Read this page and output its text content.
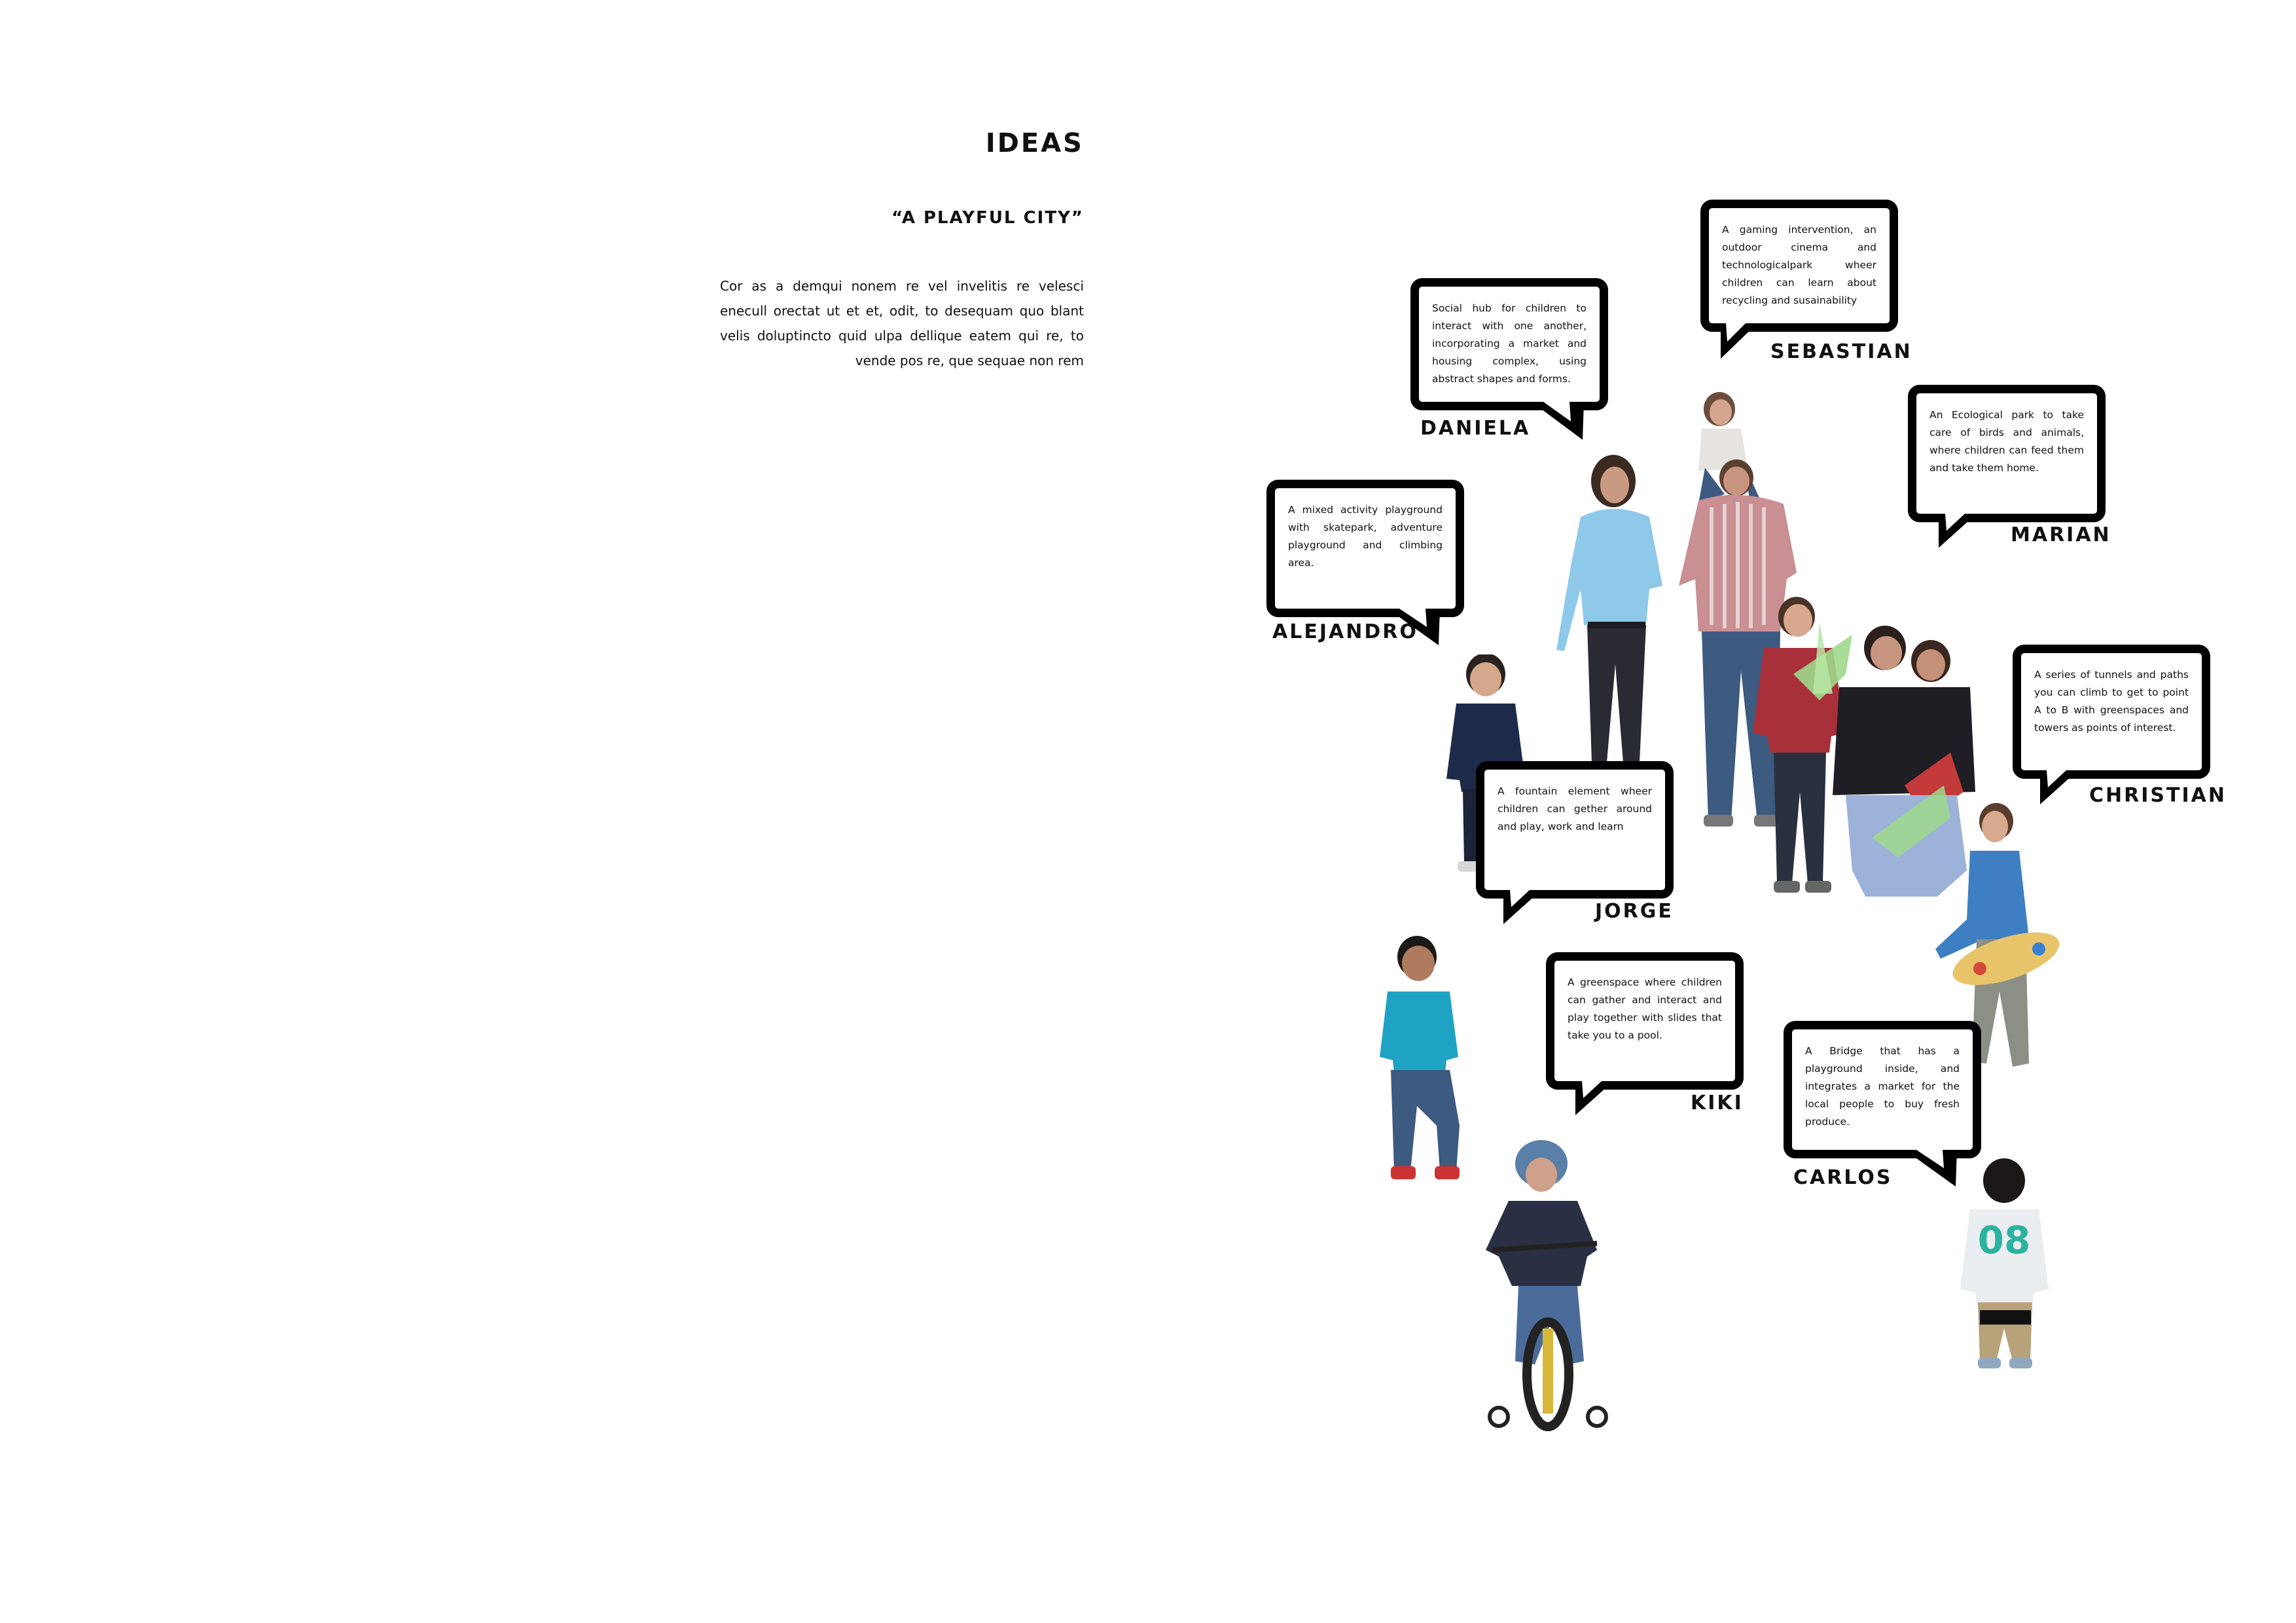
IDEAS
“A PLAYFUL CITY”

Cor as a demqui nonem re vel invelitis re velesci enecull orectat ut et et, odit, to desequam quo blant velis doluptincto quid ulpa dellique eatem qui re, to vende pos re, que sequae non rem

08
A gaming intervention, an outdoor cinema and technologicalpark wheer children can learn about recycling and susainability
SEBASTIAN
Social hub for children to interact with one another, incorporating a market and housing complex, using abstract shapes and forms.
DANIELA
An Ecological park to take care of birds and animals, where children can feed them and take them home.
MARIAN
A mixed activity playground with skatepark, adventure playground and climbing area.
ALEJANDRO
A series of tunnels and paths you can climb to get to point A to B with greenspaces and towers as points of interest.
CHRISTIAN
A fountain element wheer children can gether around and play, work and learn
JORGE
A greenspace where children can gather and interact and play together with slides that take you to a pool.
KIKI
A Bridge that has a playground inside, and integrates a market for the local people to buy fresh produce.
CARLOS
